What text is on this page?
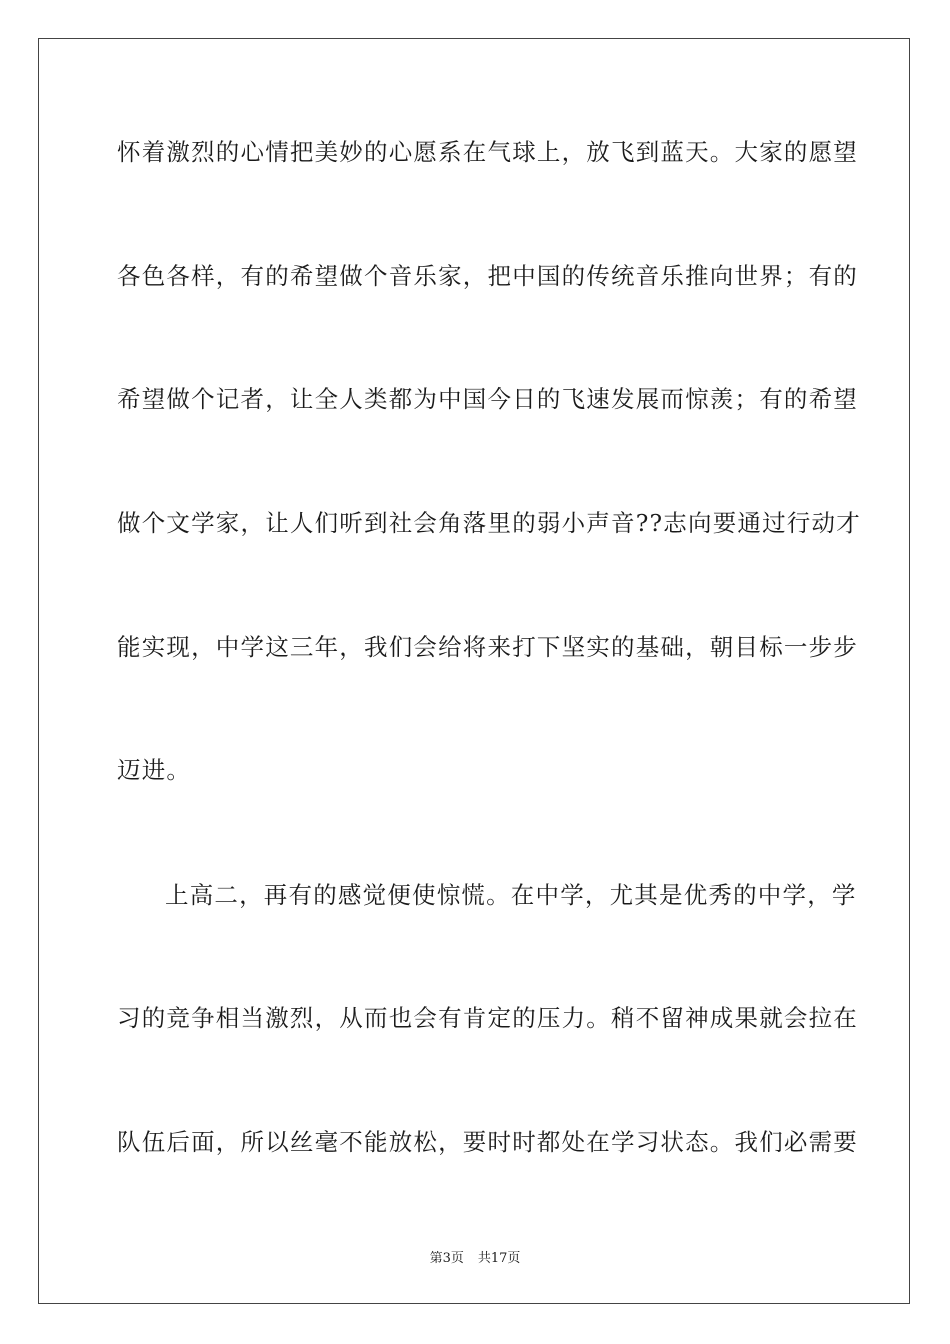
怀着激烈的心情把美妙的心愿系在气球上，放飞到蓝天。大家的愿望
各色各样，有的希望做个音乐家，把中国的传统音乐推向世界；有的
希望做个记者，让全人类都为中国今日的飞速发展而惊羡；有的希望
做个文学家，让人们听到社会角落里的弱小声音??志向要通过行动才
能实现，中学这三年，我们会给将来打下坚实的基础，朝目标一步步
迈进。
上高二，再有的感觉便使惊慌。在中学，尤其是优秀的中学，学
习的竞争相当激烈，从而也会有肯定的压力。稍不留神成果就会拉在
队伍后面，所以丝毫不能放松，要时时都处在学习状态。我们必需要
第3页 共17页
